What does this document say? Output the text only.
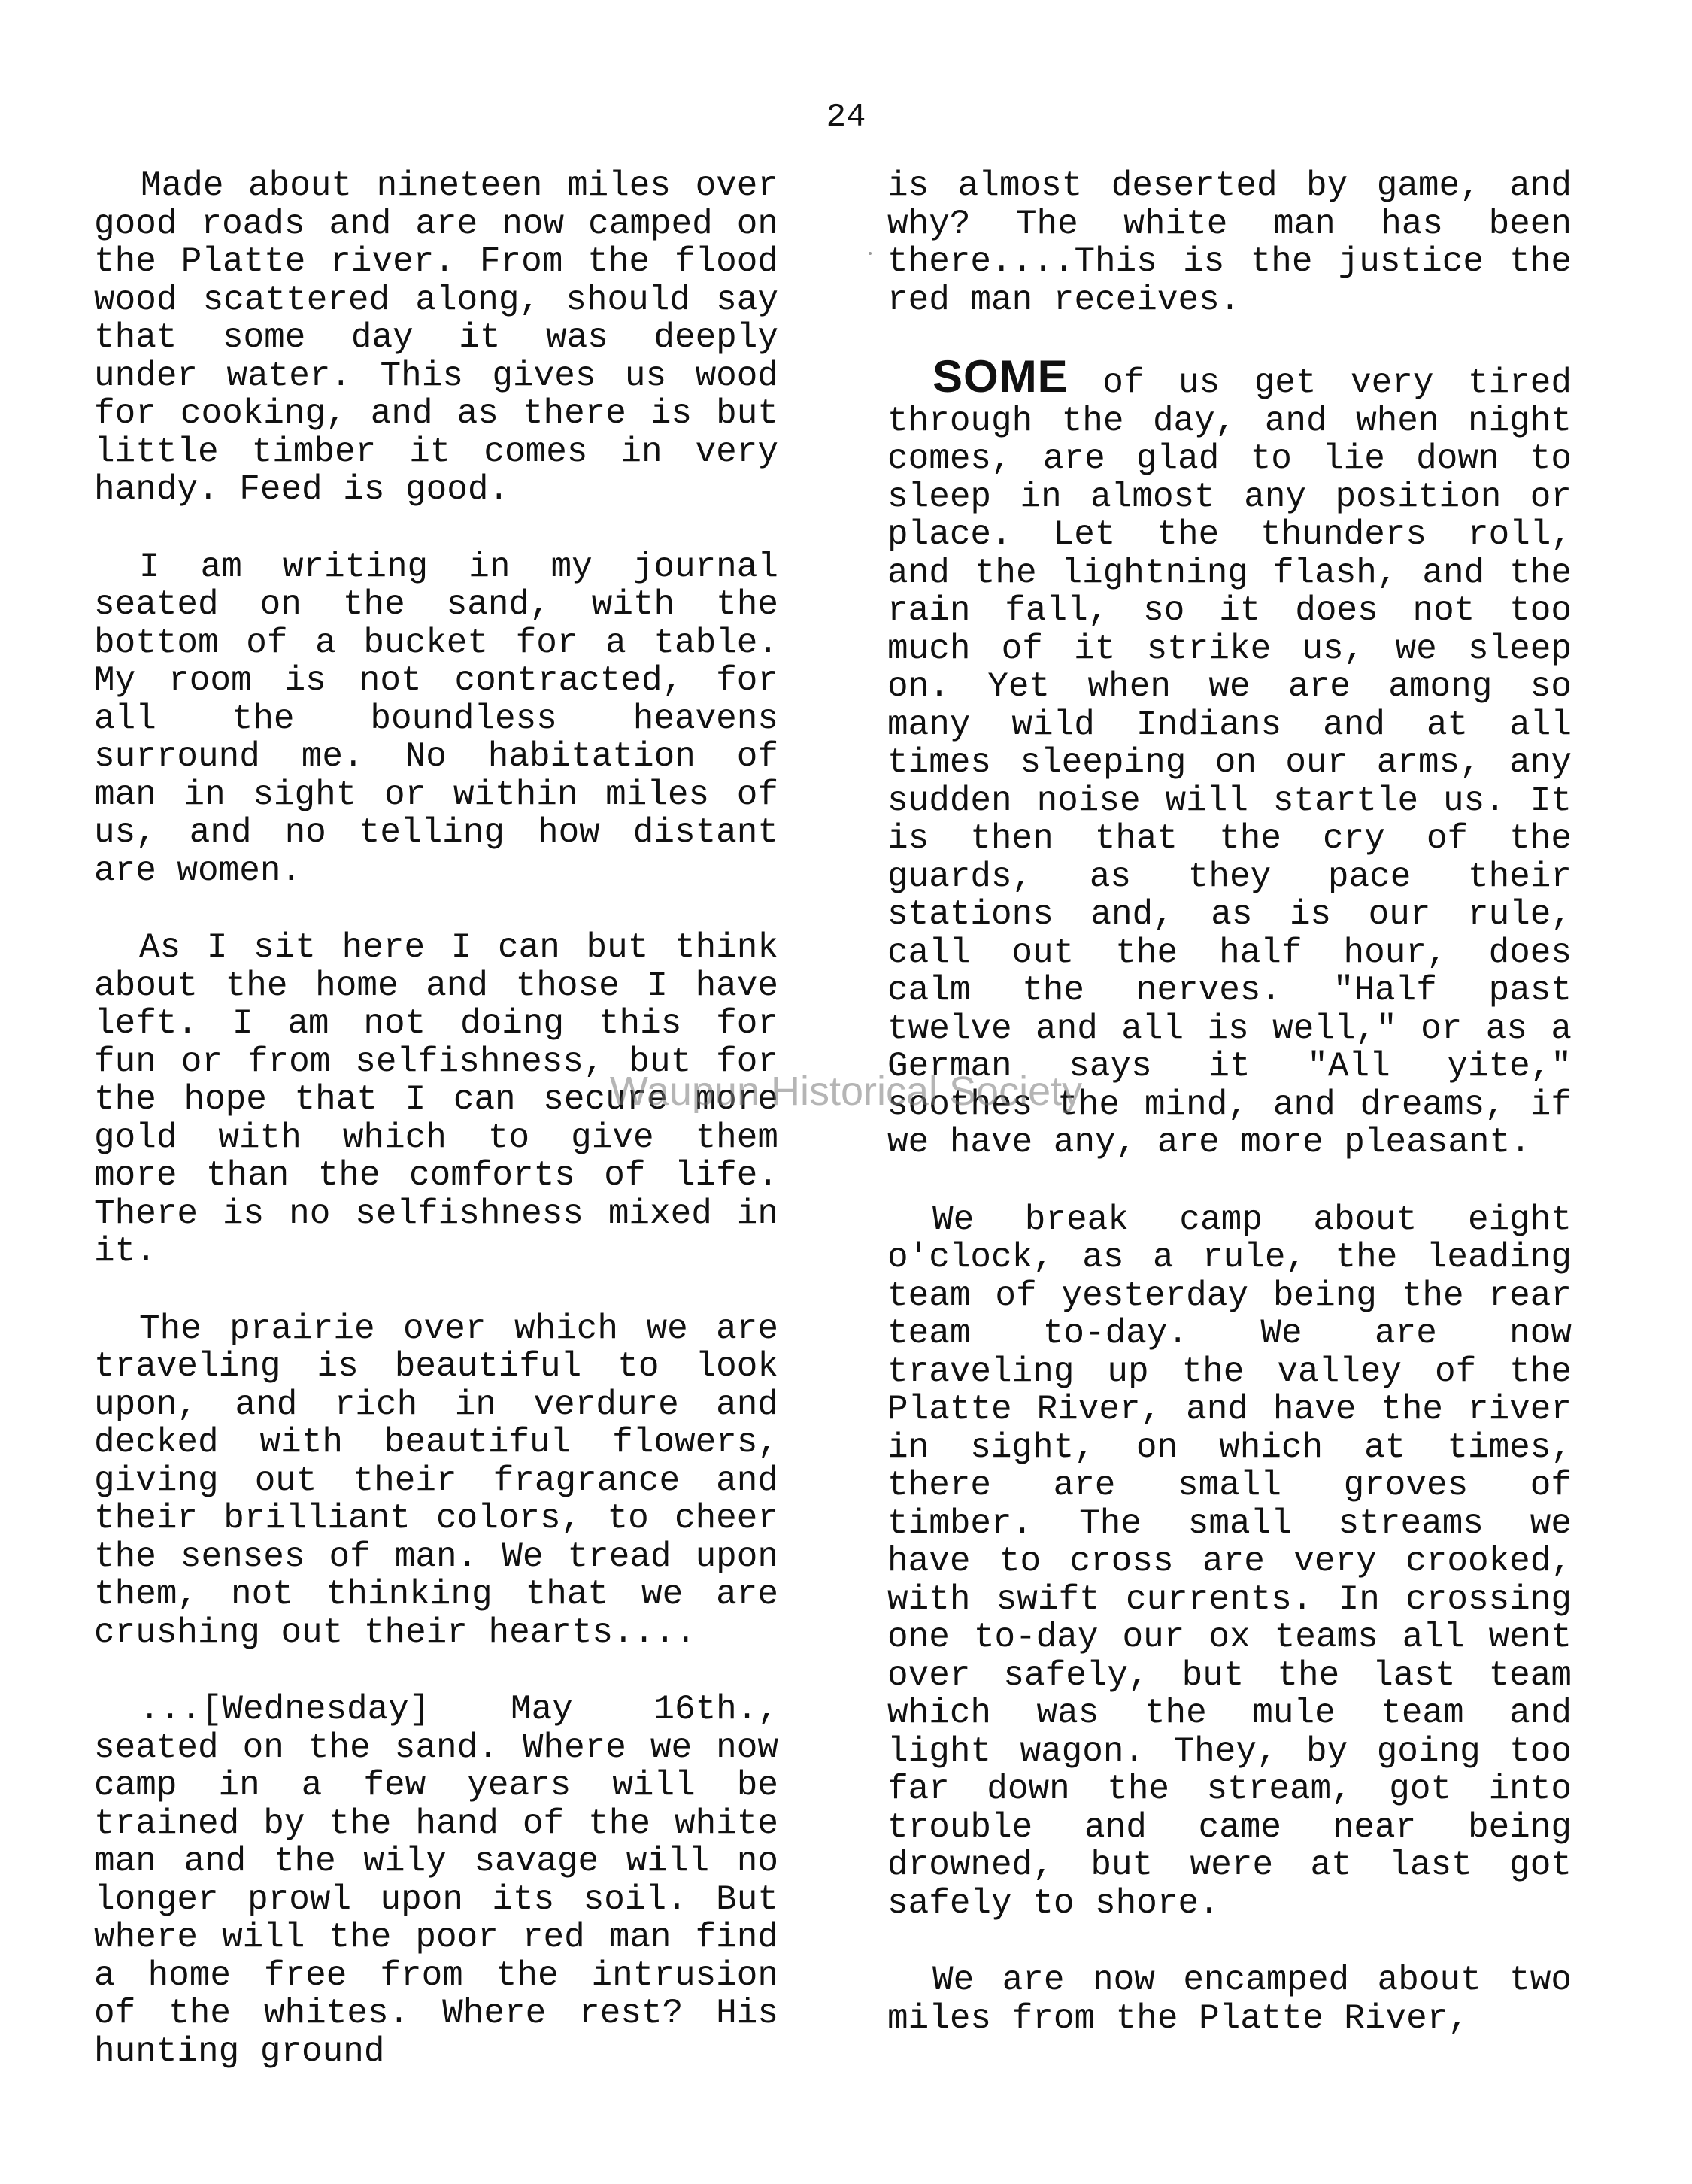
24

Made about nineteen miles over good roads and are now camped on the Platte river. From the flood wood scattered along, should say that some day it was deeply under water. This gives us wood for cooking, and as there is but little timber it comes in very handy. Feed is good.

I am writing in my journal seated on the sand, with the bottom of a bucket for a table. My room is not contracted, for all the boundless heavens surround me. No habitation of man in sight or within miles of us, and no telling how distant are women.

As I sit here I can but think about the home and those I have left. I am not doing this for fun or from selfishness, but for the hope that I can secure more gold with which to give them more than the comforts of life. There is no selfishness mixed in it.

The prairie over which we are traveling is beautiful to look upon, and rich in verdure and decked with beautiful flowers, giving out their fragrance and their brilliant colors, to cheer the senses of man. We tread upon them, not thinking that we are crushing out their hearts....

...[Wednesday] May 16th., seated on the sand. Where we now camp in a few years will be trained by the hand of the white man and the wily savage will no longer prowl upon its soil. But where will the poor red man find a home free from the intrusion of the whites. Where rest? His hunting ground

is almost deserted by game, and why? The white man has been there....This is the justice the red man receives.

SOME of us get very tired through the day, and when night comes, are glad to lie down to sleep in almost any position or place. Let the thunders roll, and the lightning flash, and the rain fall, so it does not too much of it strike us, we sleep on. Yet when we are among so many wild Indians and at all times sleeping on our arms, any sudden noise will startle us. It is then that the cry of the guards, as they pace their stations and, as is our rule, call out the half hour, does calm the nerves. "Half past twelve and all is well," or as a German says it "All yite," soothes the mind, and dreams, if we have any, are more pleasant.

We break camp about eight o'clock, as a rule, the leading team of yesterday being the rear team to-day. We are now traveling up the valley of the Platte River, and have the river in sight, on which at times, there are small groves of timber. The small streams we have to cross are very crooked, with swift currents. In crossing one to-day our ox teams all went over safely, but the last team which was the mule team and light wagon. They, by going too far down the stream, got into trouble and came near being drowned, but were at last got safely to shore.

We are now encamped about two miles from the Platte River,

Waupun Historical Society
